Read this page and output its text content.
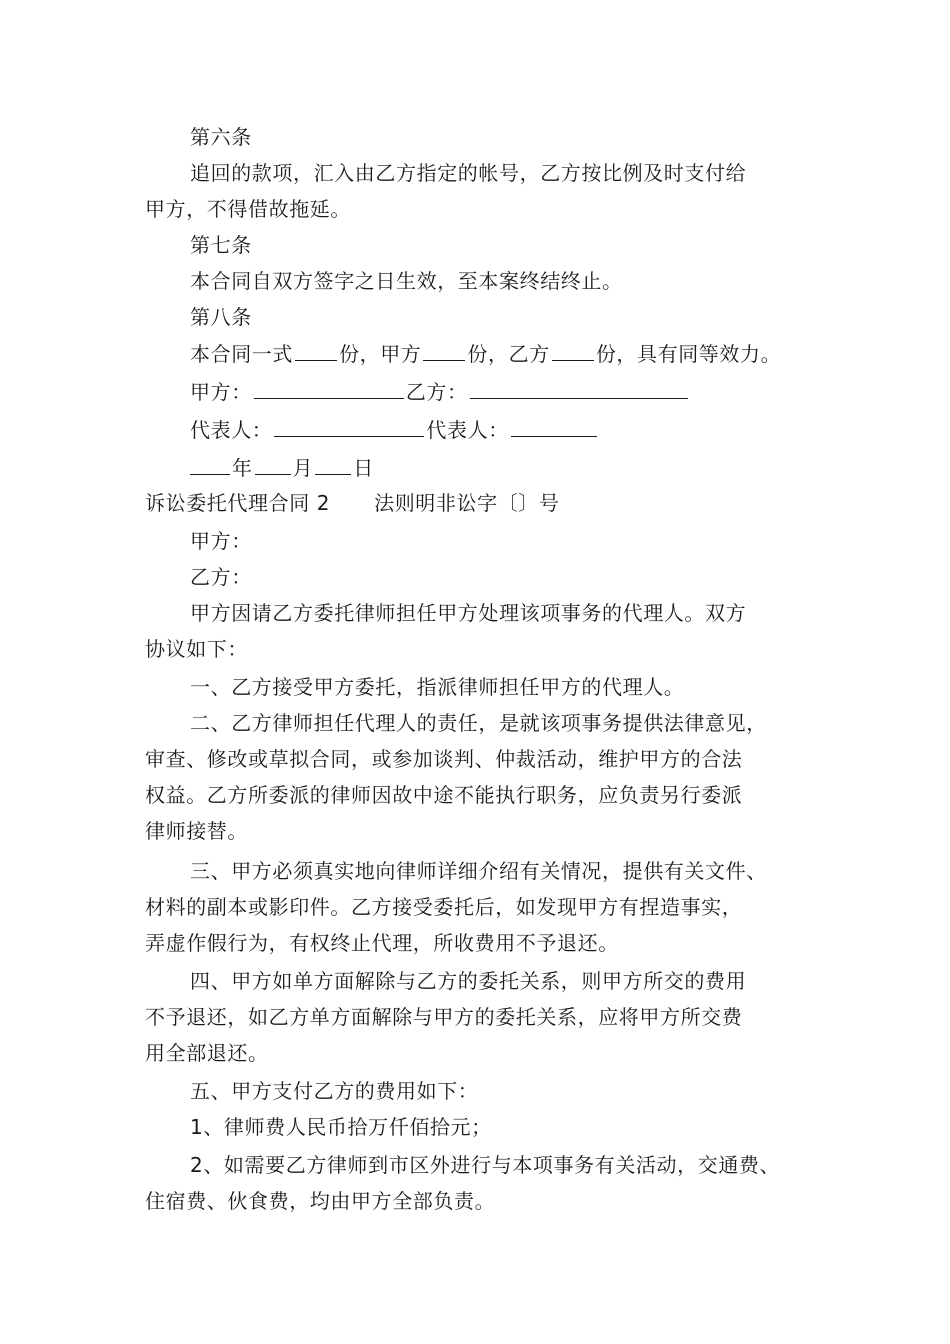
第六条
追回的款项，汇入由乙方指定的帐号，乙方按比例及时支付给
甲方，不得借故拖延。
第七条
本合同自双方签字之日生效，至本案终结终止。
第八条
本合同一式 份，甲方 份，乙方 份，具有同等效力。
甲方：	乙方：
代表人：	代表人：
年 月 日
诉讼委托代理合同 2 法则明非讼字〔〕号
甲方：
乙方：
甲方因请乙方委托律师担任甲方处理该项事务的代理人。双方
协议如下：
一、乙方接受甲方委托，指派律师担任甲方的代理人。
二、乙方律师担任代理人的责任，是就该项事务提供法律意见，
审查、修改或草拟合同，或参加谈判、仲裁活动，维护甲方的合法
权益。乙方所委派的律师因故中途不能执行职务，应负责另行委派
律师接替。
三、甲方必须真实地向律师详细介绍有关情况，提供有关文件、
材料的副本或影印件。乙方接受委托后，如发现甲方有捏造事实，
弄虚作假行为，有权终止代理，所收费用不予退还。
四、甲方如单方面解除与乙方的委托关系，则甲方所交的费用
不予退还，如乙方单方面解除与甲方的委托关系，应将甲方所交费
用全部退还。
五、甲方支付乙方的费用如下：
1、律师费人民币拾万仟佰拾元；
2、如需要乙方律师到市区外进行与本项事务有关活动，交通费、
住宿费、伙食费，均由甲方全部负责。
